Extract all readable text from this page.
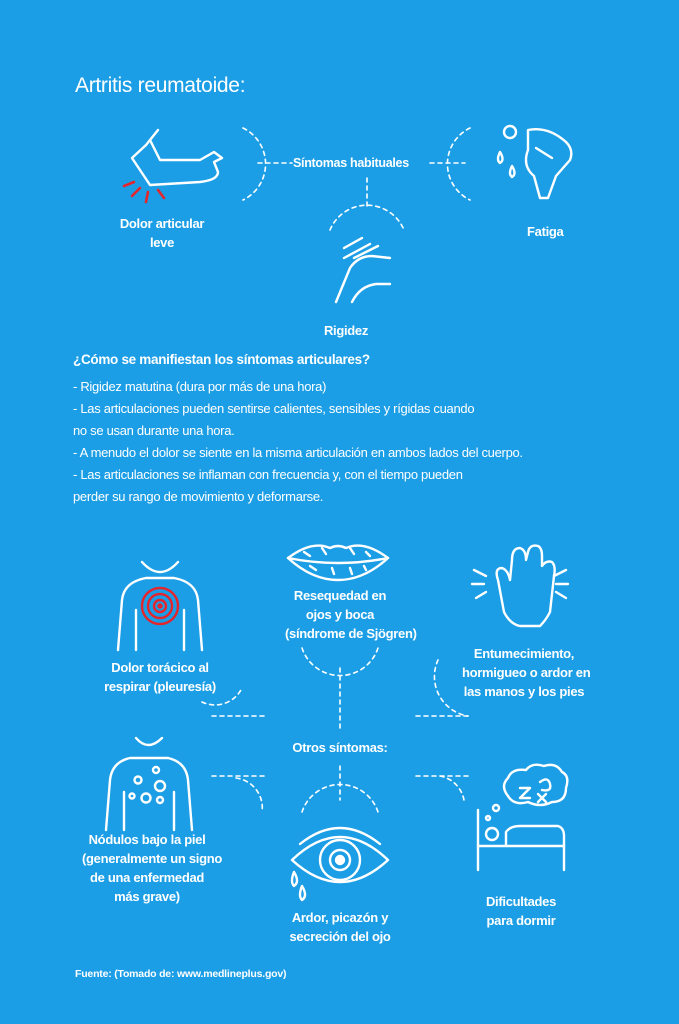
Artritis reumatoide:
Síntomas habituales
Dolor articular
leve
Fatiga
Rigidez
¿Cómo se manifiestan los síntomas articulares?
- Rigidez matutina (dura por más de una hora)
- Las articulaciones pueden sentirse calientes, sensibles y rígidas cuando
no se usan durante una hora.
- A menudo el dolor se siente en la misma articulación en ambos lados del cuerpo.
- Las articulaciones se inflaman con frecuencia y, con el tiempo pueden
perder su rango de movimiento y deformarse.
Resequedad en
ojos y boca
(síndrome de Sjögren)
Dolor torácico al
respirar (pleuresía)
Entumecimiento,
hormigueo o ardor en
las manos y los pies
Otros síntomas:
Nódulos bajo la piel
(generalmente un signo
de una enfermedad
más grave)
Ardor, picazón y
secreción del ojo
Dificultades
para dormir
Fuente: (Tomado de: www.medlineplus.gov)
